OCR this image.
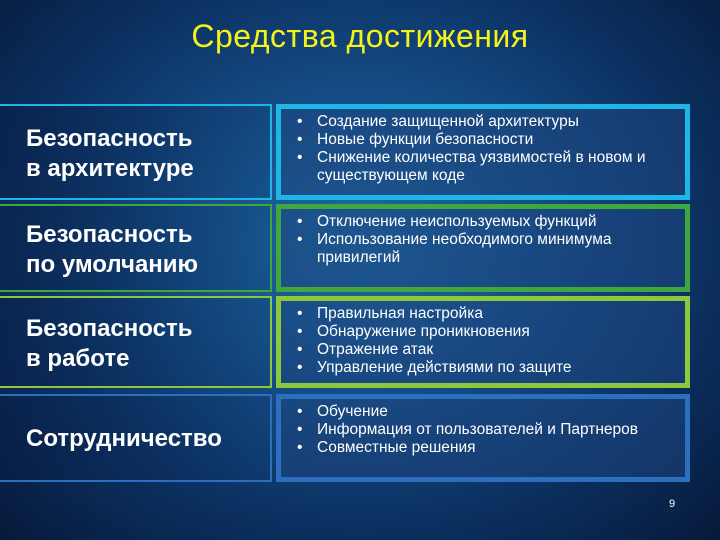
Средства достижения
Безопасность
в архитектуре
• Создание защищенной архитектуры
• Новые функции безопасности
• Снижение количества уязвимостей в новом и существующем коде
Безопасность
по умолчанию
• Отключение неиспользуемых функций
• Использование необходимого минимума привилегий
Безопасность
в работе
• Правильная настройка
• Обнаружение проникновения
• Отражение атак
• Управление действиями по защите
Сотрудничество
• Обучение
• Информация от пользователей и Партнеров
• Совместные решения
9
